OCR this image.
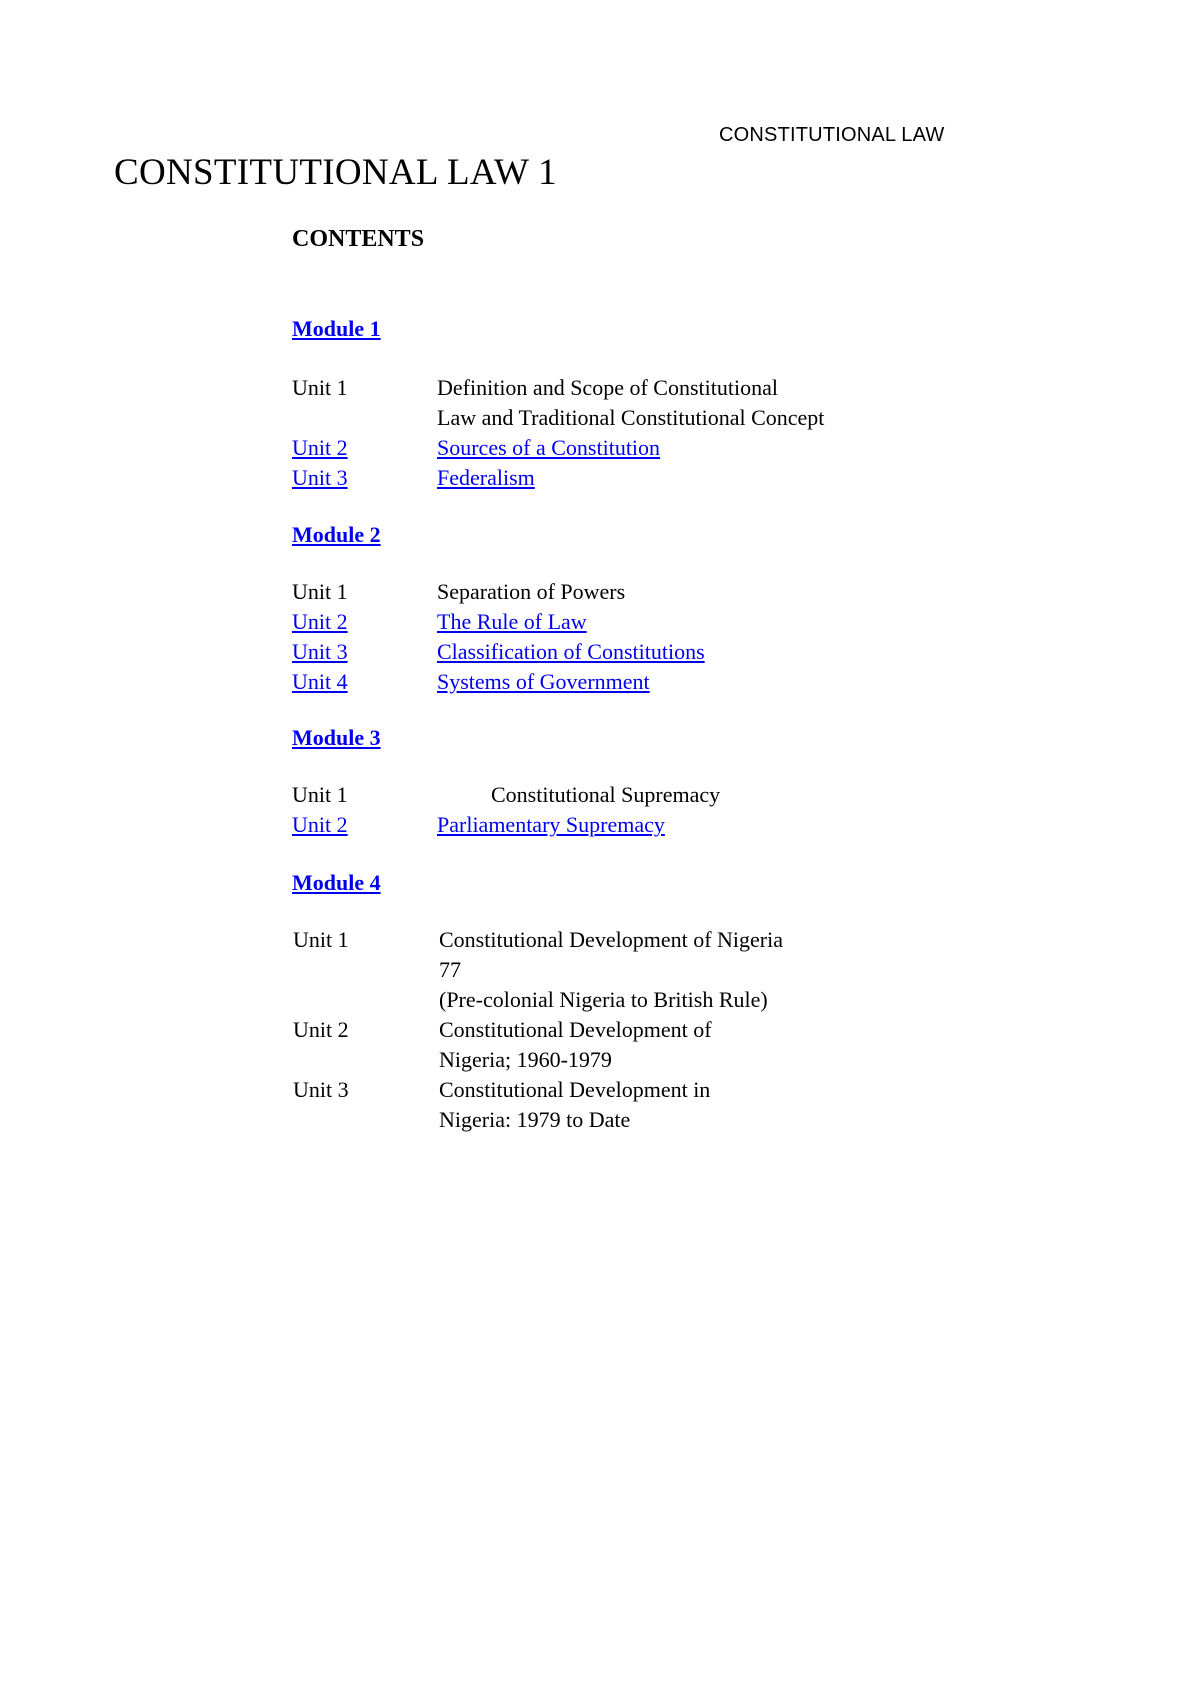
CONSTITUTIONAL LAW
CONSTITUTIONAL LAW 1
CONTENTS
Module 1
Unit 1	Definition and Scope of Constitutional
Law and Traditional Constitutional Concept
Unit 2	Sources of a Constitution
Unit 3	Federalism
Module 2
Unit 1	Separation of Powers
Unit 2	The Rule of Law
Unit 3	Classification of Constitutions
Unit 4	Systems of Government
Module 3
Unit 1	Constitutional Supremacy
Unit 2	Parliamentary Supremacy
Module 4
Unit 1	Constitutional Development of Nigeria
77
(Pre-colonial Nigeria to British Rule)
Unit 2	Constitutional Development of
Nigeria; 1960-1979
Unit 3	Constitutional Development in
Nigeria: 1979 to Date
